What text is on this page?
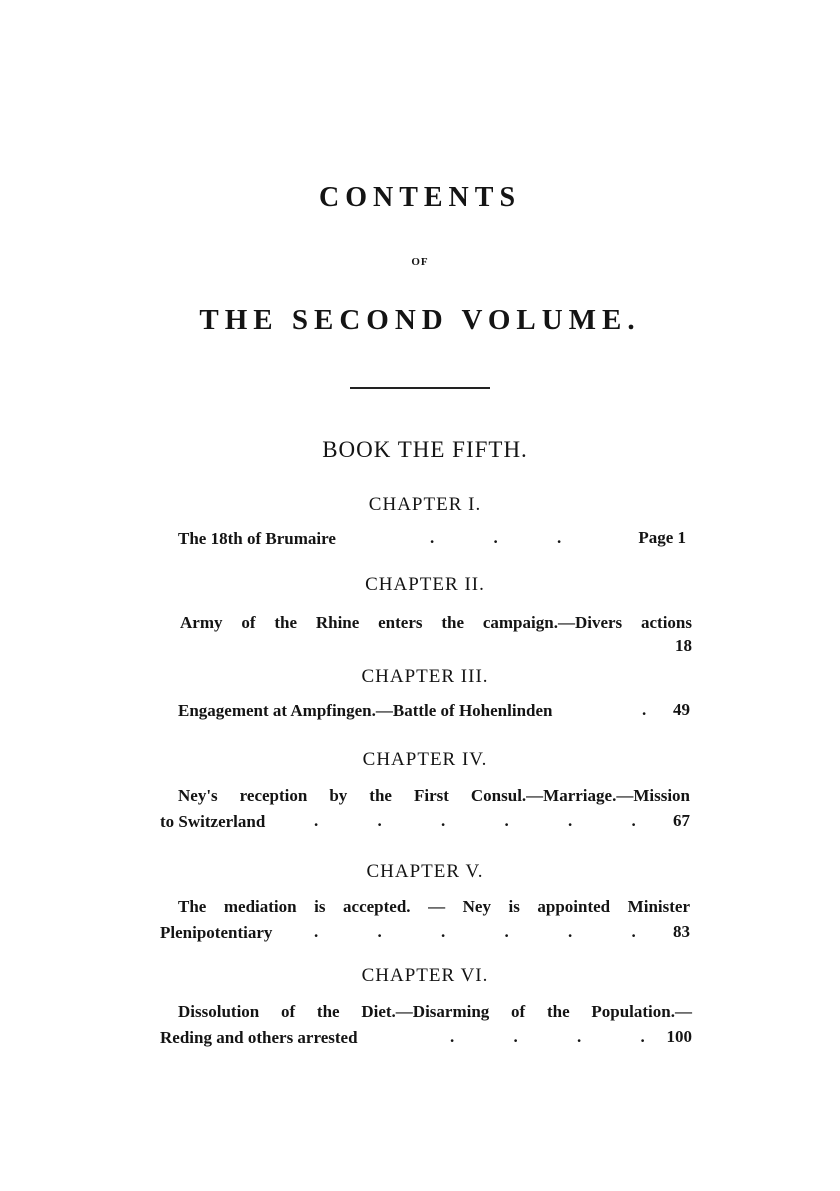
CONTENTS
OF
THE SECOND VOLUME.
BOOK THE FIFTH.
CHAPTER I.
The 18th of Brumaire	. . .	Page 1
CHAPTER II.
Army of the Rhine enters the campaign.—Divers actions
18
CHAPTER III.
Engagement at Ampfingen.—Battle of Hohenlinden	.	49
CHAPTER IV.
Ney's reception by the First Consul.—Marriage.—Mission
to Switzerland	. . . . . .	67
CHAPTER V.
The mediation is accepted. — Ney is appointed Minister
Plenipotentiary . . . . . .	83
CHAPTER VI.
Dissolution of the Diet.—Disarming of the Population.—
Reding and others arrested	. . . .	100
